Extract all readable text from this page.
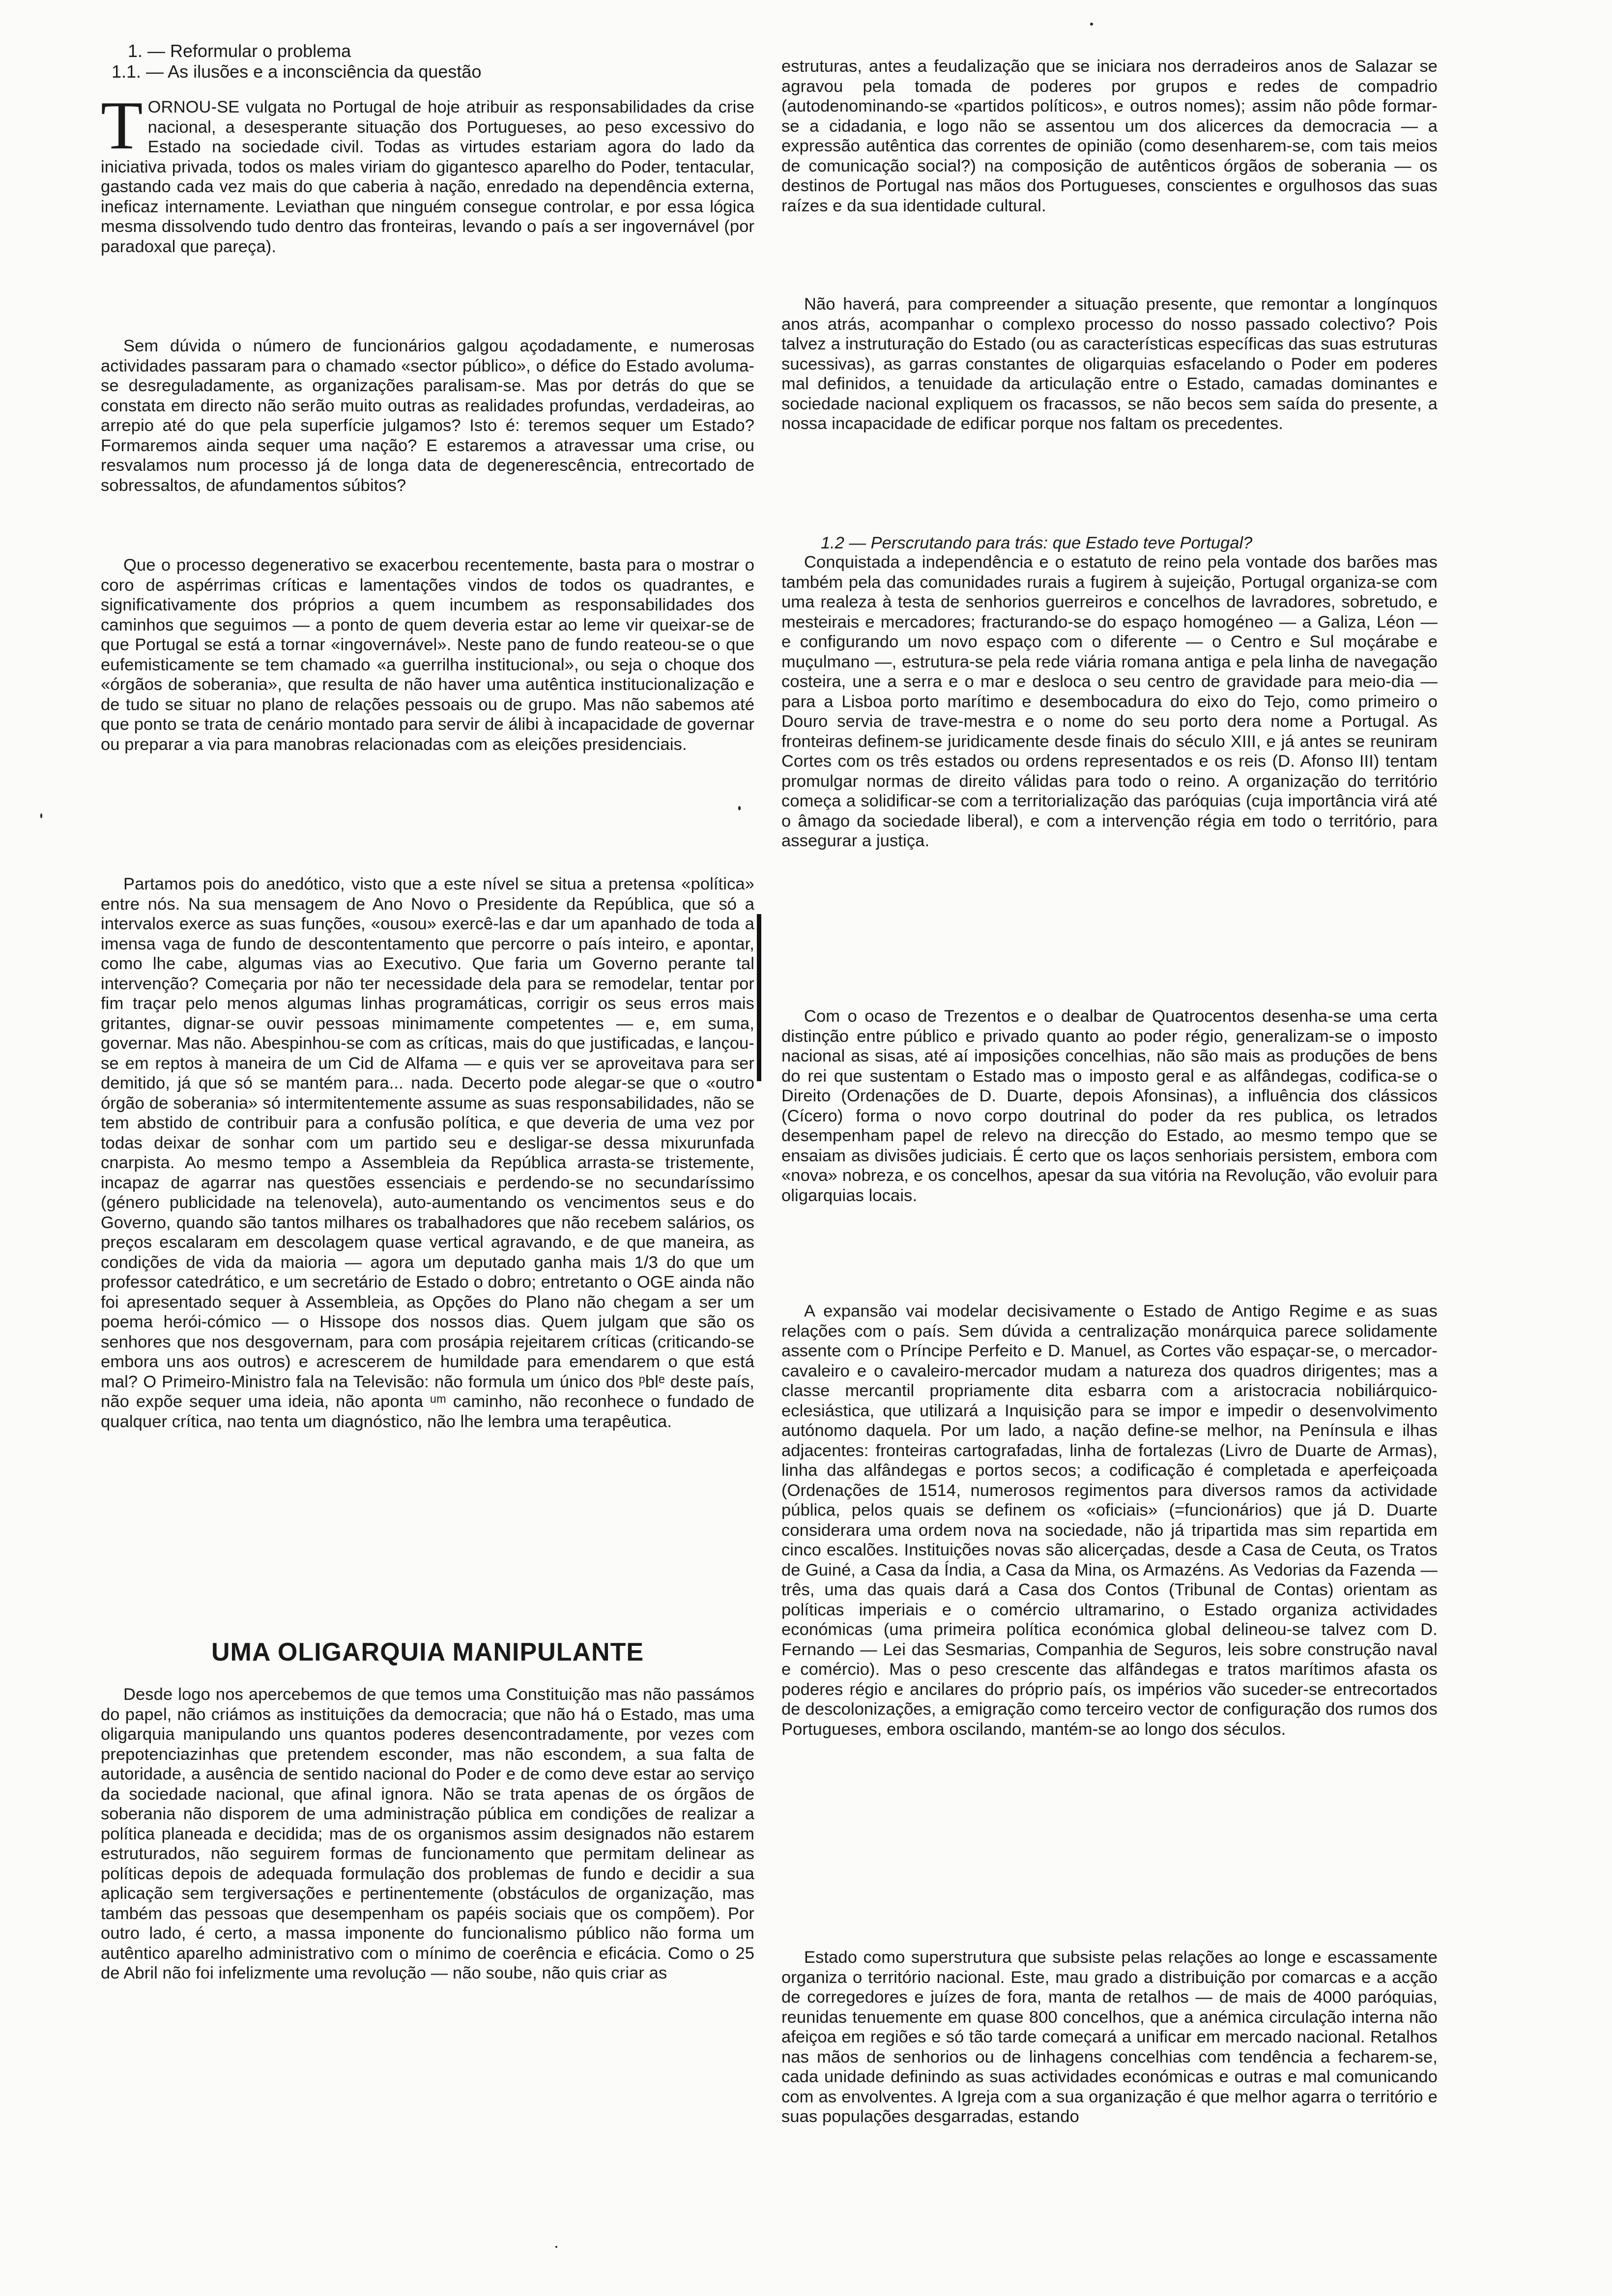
1. — Reformular o problema

1.1. — As ilusões e a inconsciência da questão

TORNOU-SE vulgata no Portugal de hoje atribuir as responsabilidades da crise nacional, a desesperante situação dos Portugueses, ao peso excessivo do Estado na sociedade civil. Todas as virtudes estariam agora do lado da iniciativa privada, todos os males viriam do gigantesco aparelho do Poder, tentacular, gastando cada vez mais do que caberia à nação, enredado na dependência externa, ineficaz internamente. Leviathan que ninguém consegue controlar, e por essa lógica mesma dissolvendo tudo dentro das fronteiras, levando o país a ser ingovernável (por paradoxal que pareça).

Sem dúvida o número de funcionários galgou açodadamente, e numerosas actividades passaram para o chamado «sector público», o défice do Estado avoluma-se desreguladamente, as organizações paralisam-se. Mas por detrás do que se constata em directo não serão muito outras as realidades profundas, verdadeiras, ao arrepio até do que pela superfície julgamos? Isto é: teremos sequer um Estado? Formaremos ainda sequer uma nação? E estaremos a atravessar uma crise, ou resvalamos num processo já de longa data de degenerescência, entrecortado de sobressaltos, de afundamentos súbitos?

Que o processo degenerativo se exacerbou recentemente, basta para o mostrar o coro de aspérrimas críticas e lamentações vindos de todos os quadrantes, e significativamente dos próprios a quem incumbem as responsabilidades dos caminhos que seguimos — a ponto de quem deveria estar ao leme vir queixar-se de que Portugal se está a tornar «ingovernável». Neste pano de fundo reateou-se o que eufemisticamente se tem chamado «a guerrilha institucional», ou seja o choque dos «órgãos de soberania», que resulta de não haver uma autêntica institucionalização e de tudo se situar no plano de relações pessoais ou de grupo. Mas não sabemos até que ponto se trata de cenário montado para servir de álibi à incapacidade de governar ou preparar a via para manobras relacionadas com as eleições presidenciais.

Partamos pois do anedótico, visto que a este nível se situa a pretensa «política» entre nós. Na sua mensagem de Ano Novo o Presidente da República, que só a intervalos exerce as suas funções, «ousou» exercê-las e dar um apanhado de toda a imensa vaga de fundo de descontentamento que percorre o país inteiro, e apontar, como lhe cabe, algumas vias ao Executivo. Que faria um Governo perante tal intervenção? Começaria por não ter necessidade dela para se remodelar, tentar por fim traçar pelo menos algumas linhas programáticas, corrigir os seus erros mais gritantes, dignar-se ouvir pessoas minimamente competentes — e, em suma, governar. Mas não. Abespinhou-se com as críticas, mais do que justificadas, e lançou-se em reptos à maneira de um Cid de Alfama — e quis ver se aproveitava para ser demitido, já que só se mantém para... nada. Decerto pode alegar-se que o «outro órgão de soberania» só intermitentemente assume as suas responsabilidades, não se tem abstido de contribuir para a confusão política, e que deveria de uma vez por todas deixar de sonhar com um partido seu e desligar-se dessa mixurunfada cnarpista. Ao mesmo tempo a Assembleia da República arrasta-se tristemente, incapaz de agarrar nas questões essenciais e perdendo-se no secundaríssimo (género publicidade na telenovela), auto-aumentando os vencimentos seus e do Governo, quando são tantos milhares os trabalhadores que não recebem salários, os preços escalaram em descolagem quase vertical agravando, e de que maneira, as condições de vida da maioria — agora um deputado ganha mais 1/3 do que um professor catedrático, e um secretário de Estado o dobro; entretanto o OGE ainda não foi apresentado sequer à Assembleia, as Opções do Plano não chegam a ser um poema herói-cómico — o Hissope dos nossos dias. Quem julgam que são os senhores que nos desgovernam, para com prosápia rejeitarem críticas (criticando-se embora uns aos outros) e acrescerem de humildade para emendarem o que está mal? O Primeiro-Ministro fala na Televisão: não formula um único dos ᵖblᵉ deste país, não expõe sequer uma ideia, não aponta ᵘᵐ caminho, não reconhece o fundado de qualquer crítica, nao tenta um diagnóstico, não lhe lembra uma terapêutica.

UMA OLIGARQUIA MANIPULANTE

Desde logo nos apercebemos de que temos uma Constituição mas não passámos do papel, não criámos as instituições da democracia; que não há o Estado, mas uma oligarquia manipulando uns quantos poderes desencontradamente, por vezes com prepotenciazinhas que pretendem esconder, mas não escondem, a sua falta de autoridade, a ausência de sentido nacional do Poder e de como deve estar ao serviço da sociedade nacional, que afinal ignora. Não se trata apenas de os órgãos de soberania não disporem de uma administração pública em condições de realizar a política planeada e decidida; mas de os organismos assim designados não estarem estruturados, não seguirem formas de funcionamento que permitam delinear as políticas depois de adequada formulação dos problemas de fundo e decidir a sua aplicação sem tergiversações e pertinentemente (obstáculos de organização, mas também das pessoas que desempenham os papéis sociais que os compõem). Por outro lado, é certo, a massa imponente do funcionalismo público não forma um autêntico aparelho administrativo com o mínimo de coerência e eficácia. Como o 25 de Abril não foi infelizmente uma revolução — não soube, não quis criar as

estruturas, antes a feudalização que se iniciara nos derradeiros anos de Salazar se agravou pela tomada de poderes por grupos e redes de compadrio (autodenominando-se «partidos políticos», e outros nomes); assim não pôde formar-se a cidadania, e logo não se assentou um dos alicerces da democracia — a expressão autêntica das correntes de opinião (como desenharem-se, com tais meios de comunicação social?) na composição de autênticos órgãos de soberania — os destinos de Portugal nas mãos dos Portugueses, conscientes e orgulhosos das suas raízes e da sua identidade cultural.

Não haverá, para compreender a situação presente, que remontar a longínquos anos atrás, acompanhar o complexo processo do nosso passado colectivo? Pois talvez a instruturação do Estado (ou as características específicas das suas estruturas sucessivas), as garras constantes de oligarquias esfacelando o Poder em poderes mal definidos, a tenuidade da articulação entre o Estado, camadas dominantes e sociedade nacional expliquem os fracassos, se não becos sem saída do presente, a nossa incapacidade de edificar porque nos faltam os precedentes.

1.2 — Perscrutando para trás: que Estado teve Portugal?

Conquistada a independência e o estatuto de reino pela vontade dos barões mas também pela das comunidades rurais a fugirem à sujeição, Portugal organiza-se com uma realeza à testa de senhorios guerreiros e concelhos de lavradores, sobretudo, e mesteirais e mercadores; fracturando-se do espaço homogéneo — a Galiza, Léon — e configurando um novo espaço com o diferente — o Centro e Sul moçárabe e muçulmano —, estrutura-se pela rede viária romana antiga e pela linha de navegação costeira, une a serra e o mar e desloca o seu centro de gravidade para meio-dia — para a Lisboa porto marítimo e desembocadura do eixo do Tejo, como primeiro o Douro servia de trave-mestra e o nome do seu porto dera nome a Portugal. As fronteiras definem-se juridicamente desde finais do século XIII, e já antes se reuniram Cortes com os três estados ou ordens representados e os reis (D. Afonso III) tentam promulgar normas de direito válidas para todo o reino. A organização do território começa a solidificar-se com a territorialização das paróquias (cuja importância virá até o âmago da sociedade liberal), e com a intervenção régia em todo o território, para assegurar a justiça.

Com o ocaso de Trezentos e o dealbar de Quatrocentos desenha-se uma certa distinção entre público e privado quanto ao poder régio, generalizam-se o imposto nacional as sisas, até aí imposições concelhias, não são mais as produções de bens do rei que sustentam o Estado mas o imposto geral e as alfândegas, codifica-se o Direito (Ordenações de D. Duarte, depois Afonsinas), a influência dos clássicos (Cícero) forma o novo corpo doutrinal do poder da res publica, os letrados desempenham papel de relevo na direcção do Estado, ao mesmo tempo que se ensaiam as divisões judiciais. É certo que os laços senhoriais persistem, embora com «nova» nobreza, e os concelhos, apesar da sua vitória na Revolução, vão evoluir para oligarquias locais.

A expansão vai modelar decisivamente o Estado de Antigo Regime e as suas relações com o país. Sem dúvida a centralização monárquica parece solidamente assente com o Príncipe Perfeito e D. Manuel, as Cortes vão espaçar-se, o mercador-cavaleiro e o cavaleiro-mercador mudam a natureza dos quadros dirigentes; mas a classe mercantil propriamente dita esbarra com a aristocracia nobiliárquico-eclesiástica, que utilizará a Inquisição para se impor e impedir o desenvolvimento autónomo daquela. Por um lado, a nação define-se melhor, na Península e ilhas adjacentes: fronteiras cartografadas, linha de fortalezas (Livro de Duarte de Armas), linha das alfândegas e portos secos; a codificação é completada e aperfeiçoada (Ordenações de 1514, numerosos regimentos para diversos ramos da actividade pública, pelos quais se definem os «oficiais» (=funcionários) que já D. Duarte considerara uma ordem nova na sociedade, não já tripartida mas sim repartida em cinco escalões. Instituições novas são alicerçadas, desde a Casa de Ceuta, os Tratos de Guiné, a Casa da Índia, a Casa da Mina, os Armazéns. As Vedorias da Fazenda — três, uma das quais dará a Casa dos Contos (Tribunal de Contas) orientam as políticas imperiais e o comércio ultramarino, o Estado organiza actividades económicas (uma primeira política económica global delineou-se talvez com D. Fernando — Lei das Sesmarias, Companhia de Seguros, leis sobre construção naval e comércio). Mas o peso crescente das alfândegas e tratos marítimos afasta os poderes régio e ancilares do próprio país, os impérios vão suceder-se entrecortados de descolonizações, a emigração como terceiro vector de configuração dos rumos dos Portugueses, embora oscilando, mantém-se ao longo dos séculos.

Estado como superstrutura que subsiste pelas relações ao longe e escassamente organiza o território nacional. Este, mau grado a distribuição por comarcas e a acção de corregedores e juízes de fora, manta de retalhos — de mais de 4000 paróquias, reunidas tenuemente em quase 800 concelhos, que a anémica circulação interna não afeiçoa em regiões e só tão tarde começará a unificar em mercado nacional. Retalhos nas mãos de senhorios ou de linhagens concelhias com tendência a fecharem-se, cada unidade definindo as suas actividades económicas e outras e mal comunicando com as envolventes. A Igreja com a sua organização é que melhor agarra o território e suas populações desgarradas, estando
